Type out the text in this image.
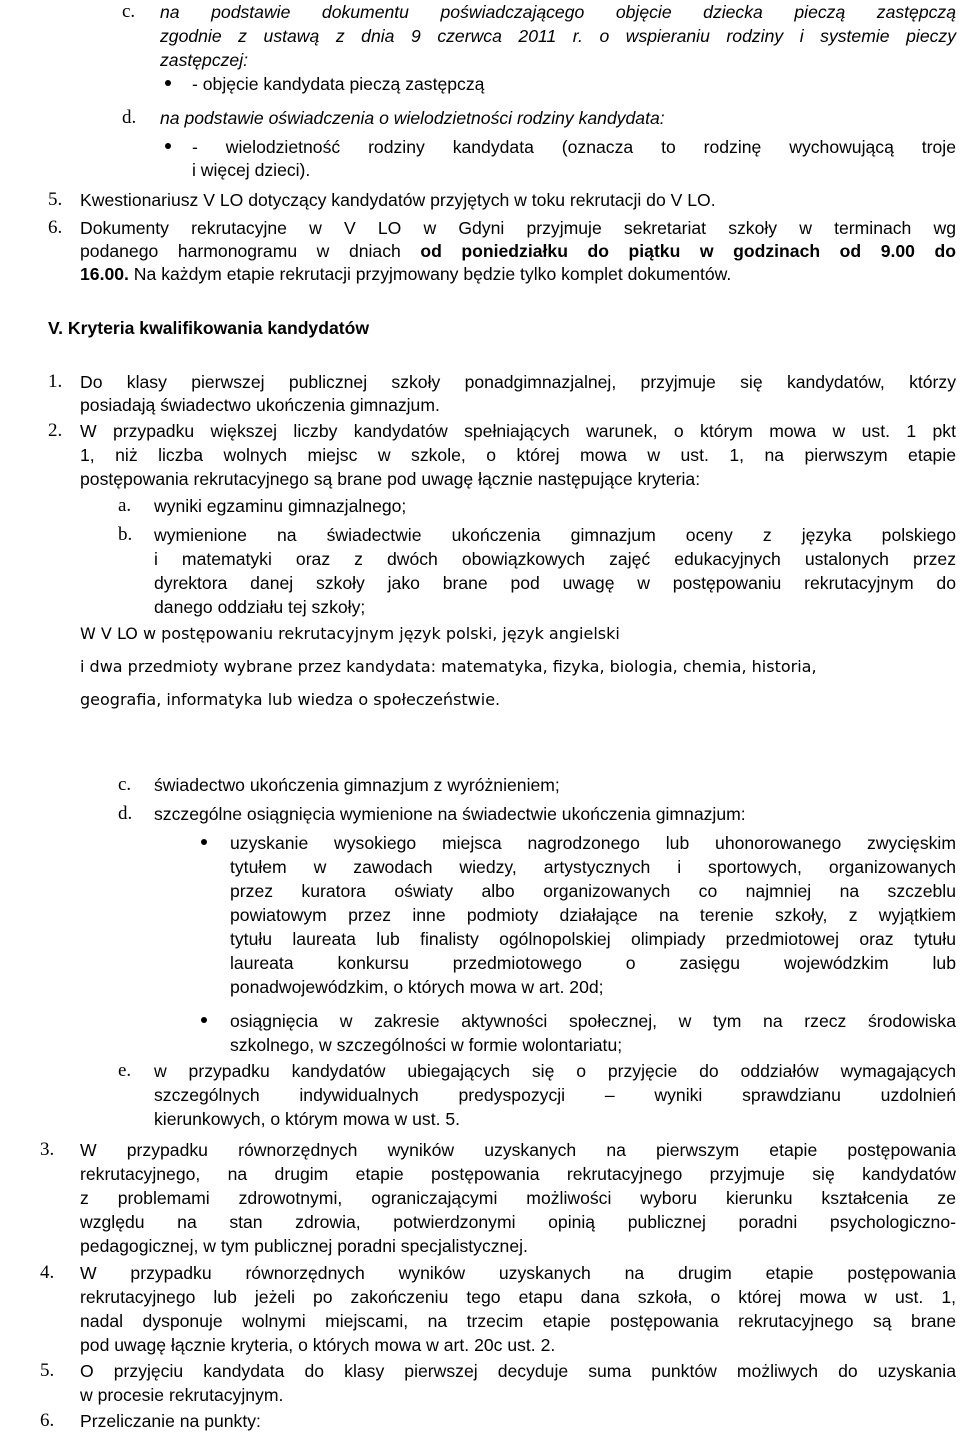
c. na podstawie dokumentu poświadczającego objęcie dziecka pieczą zastępczą
zgodnie z ustawą z dnia 9 czerwca 2011 r. o wspieraniu rodziny i systemie pieczy
zastępczej:
- objęcie kandydata pieczą zastępczą
d. na podstawie oświadczenia o wielodzietności rodziny kandydata:
- wielodzietność rodziny kandydata (oznacza to rodzinę wychowującą troje
i więcej dzieci).
5. Kwestionariusz V LO dotyczący kandydatów przyjętych w toku rekrutacji do V LO.
6. Dokumenty rekrutacyjne w V LO w Gdyni przyjmuje sekretariat szkoły w terminach wg
podanego harmonogramu w dniach od poniedziałku do piątku w godzinach od 9.00 do
16.00. Na każdym etapie rekrutacji przyjmowany będzie tylko komplet dokumentów.
V. Kryteria kwalifikowania kandydatów
1. Do klasy pierwszej publicznej szkoły ponadgimnazjalnej, przyjmuje się kandydatów, którzy
posiadają świadectwo ukończenia gimnazjum.
2. W przypadku większej liczby kandydatów spełniających warunek, o którym mowa w ust. 1 pkt
1, niż liczba wolnych miejsc w szkole, o której mowa w ust. 1, na pierwszym etapie
postępowania rekrutacyjnego są brane pod uwagę łącznie następujące kryteria:
a. wyniki egzaminu gimnazjalnego;
b. wymienione na świadectwie ukończenia gimnazjum oceny z języka polskiego
i matematyki oraz z dwóch obowiązkowych zajęć edukacyjnych ustalonych przez
dyrektora danej szkoły jako brane pod uwagę w postępowaniu rekrutacyjnym do
danego oddziału tej szkoły;
W V LO w postępowaniu rekrutacyjnym język polski, język angielski
i dwa przedmioty wybrane przez kandydata: matematyka, fizyka, biologia, chemia, historia,
geografia, informatyka lub wiedza o społeczeństwie.
c. świadectwo ukończenia gimnazjum z wyróżnieniem;
d. szczególne osiągnięcia wymienione na świadectwie ukończenia gimnazjum:
uzyskanie wysokiego miejsca nagrodzonego lub uhonorowanego zwycięskim
tytułem w zawodach wiedzy, artystycznych i sportowych, organizowanych
przez kuratora oświaty albo organizowanych co najmniej na szczeblu
powiatowym przez inne podmioty działające na terenie szkoły, z wyjątkiem
tytułu laureata lub finalisty ogólnopolskiej olimpiady przedmiotowej oraz tytułu
laureata konkursu przedmiotowego o zasięgu wojewódzkim lub
ponadwojewódzkim, o których mowa w art. 20d;
osiągnięcia w zakresie aktywności społecznej, w tym na rzecz środowiska
szkolnego, w szczególności w formie wolontariatu;
e. w przypadku kandydatów ubiegających się o przyjęcie do oddziałów wymagających
szczególnych indywidualnych predyspozycji – wyniki sprawdzianu uzdolnień
kierunkowych, o którym mowa w ust. 5.
3. W przypadku równorzędnych wyników uzyskanych na pierwszym etapie postępowania
rekrutacyjnego, na drugim etapie postępowania rekrutacyjnego przyjmuje się kandydatów
z problemami zdrowotnymi, ograniczającymi możliwości wyboru kierunku kształcenia ze
względu na stan zdrowia, potwierdzonymi opinią publicznej poradni psychologiczno-
pedagogicznej, w tym publicznej poradni specjalistycznej.
4. W przypadku równorzędnych wyników uzyskanych na drugim etapie postępowania
rekrutacyjnego lub jeżeli po zakończeniu tego etapu dana szkoła, o której mowa w ust. 1,
nadal dysponuje wolnymi miejscami, na trzecim etapie postępowania rekrutacyjnego są brane
pod uwagę łącznie kryteria, o których mowa w art. 20c ust. 2.
5. O przyjęciu kandydata do klasy pierwszej decyduje suma punktów możliwych do uzyskania
w procesie rekrutacyjnym.
6. Przeliczanie na punkty:
